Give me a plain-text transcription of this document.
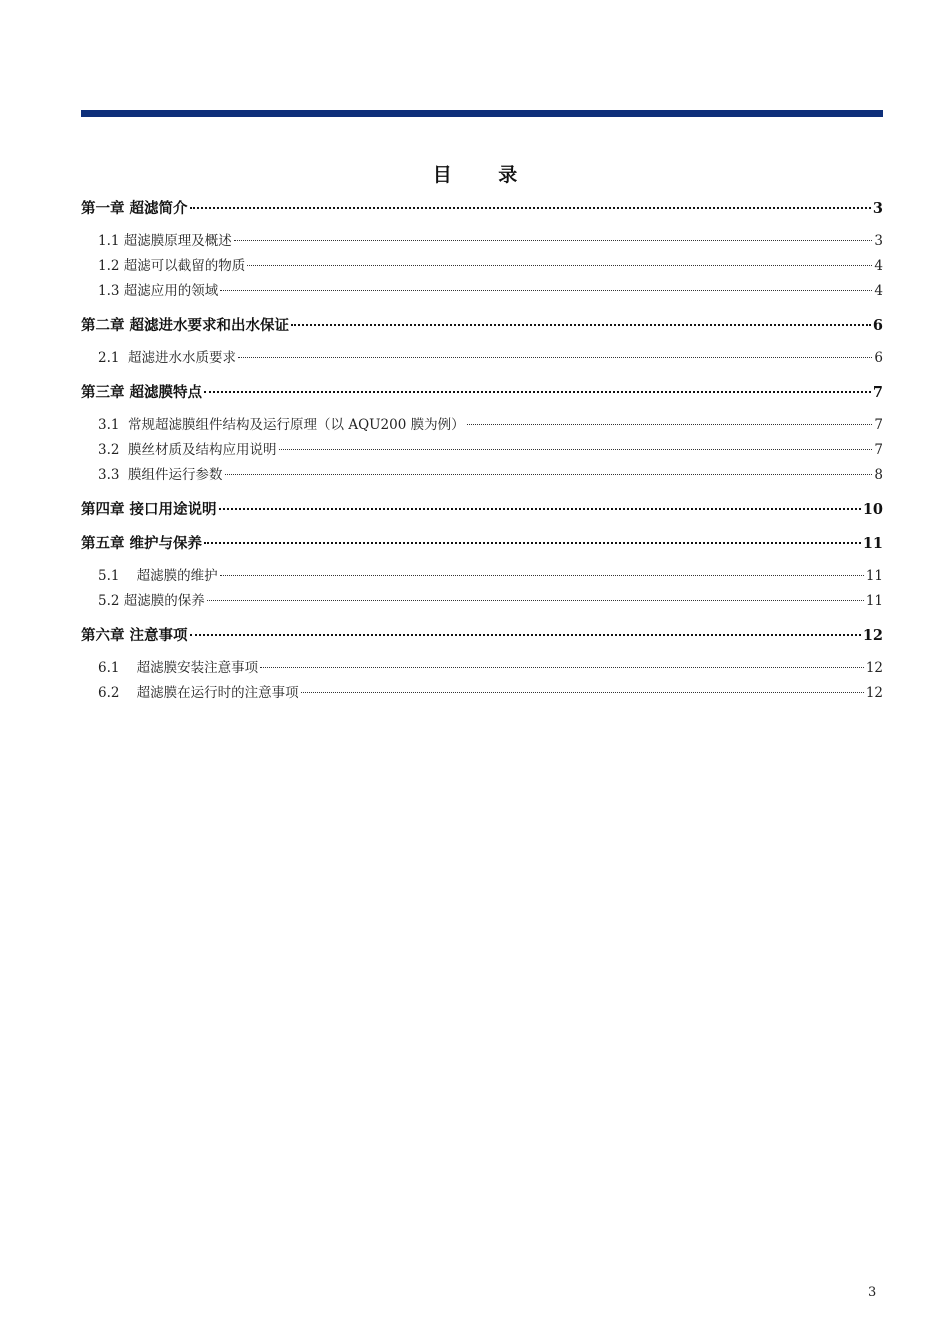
目 录
第一章 超滤简介	3
1.1 超滤膜原理及概述	3
1.2 超滤可以截留的物质	4
1.3 超滤应用的领域	4
第二章 超滤进水要求和出水保证	6
2.1  超滤进水水质要求	6
第三章 超滤膜特点	7
3.1  常规超滤膜组件结构及运行原理（以 AQU200 膜为例）	7
3.2  膜丝材质及结构应用说明	7
3.3  膜组件运行参数	8
第四章 接口用途说明	10
第五章 维护与保养	11
5.1    超滤膜的维护	11
5.2 超滤膜的保养	11
第六章 注意事项	12
6.1    超滤膜安装注意事项	12
6.2    超滤膜在运行时的注意事项	12
3
